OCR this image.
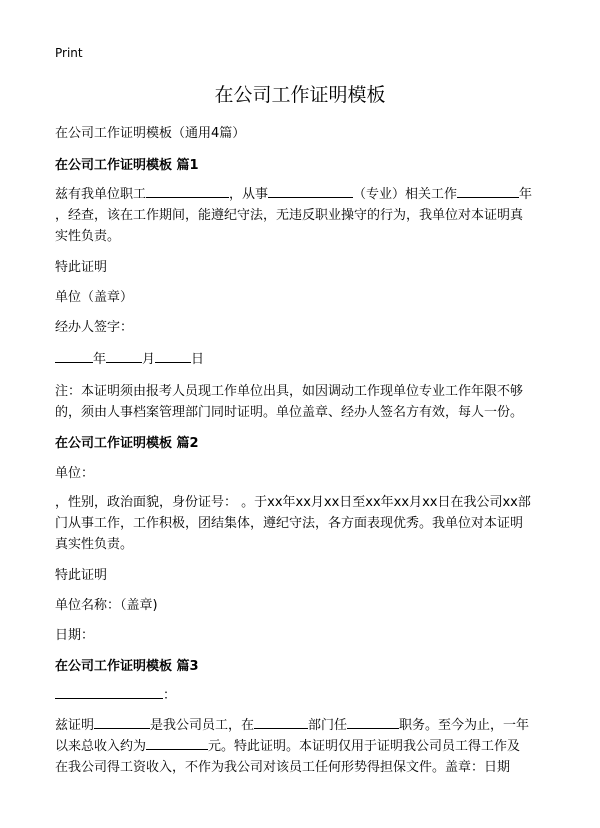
Print
在公司工作证明模板
在公司工作证明模板（通用4篇）
在公司工作证明模板 篇1
兹有我单位职工	，从事	（专业）相关工作	年
，经查，该在工作期间，能遵纪守法，无违反职业操守的行为，我单位对本证明真
实性负责。
特此证明
单位（盖章）
经办人签字：
年	月	日
注：本证明须由报考人员现工作单位出具，如因调动工作现单位专业工作年限不够
的，须由人事档案管理部门同时证明。单位盖章、经办人签名方有效，每人一份。
在公司工作证明模板 篇2
单位：
，性别，政治面貌，身份证号： 。于xx年xx月xx日至xx年xx月xx日在我公司xx部
门从事工作，工作积极，团结集体，遵纪守法，各方面表现优秀。我单位对本证明
真实性负责。
特此证明
单位名称：（盖章)
日期：
在公司工作证明模板 篇3
：
兹证明	是我公司员工，在	部门任	职务。至今为止，一年
以来总收入约为	元。特此证明。本证明仅用于证明我公司员工得工作及
在我公司得工资收入，不作为我公司对该员工任何形势得担保文件。盖章：日期
